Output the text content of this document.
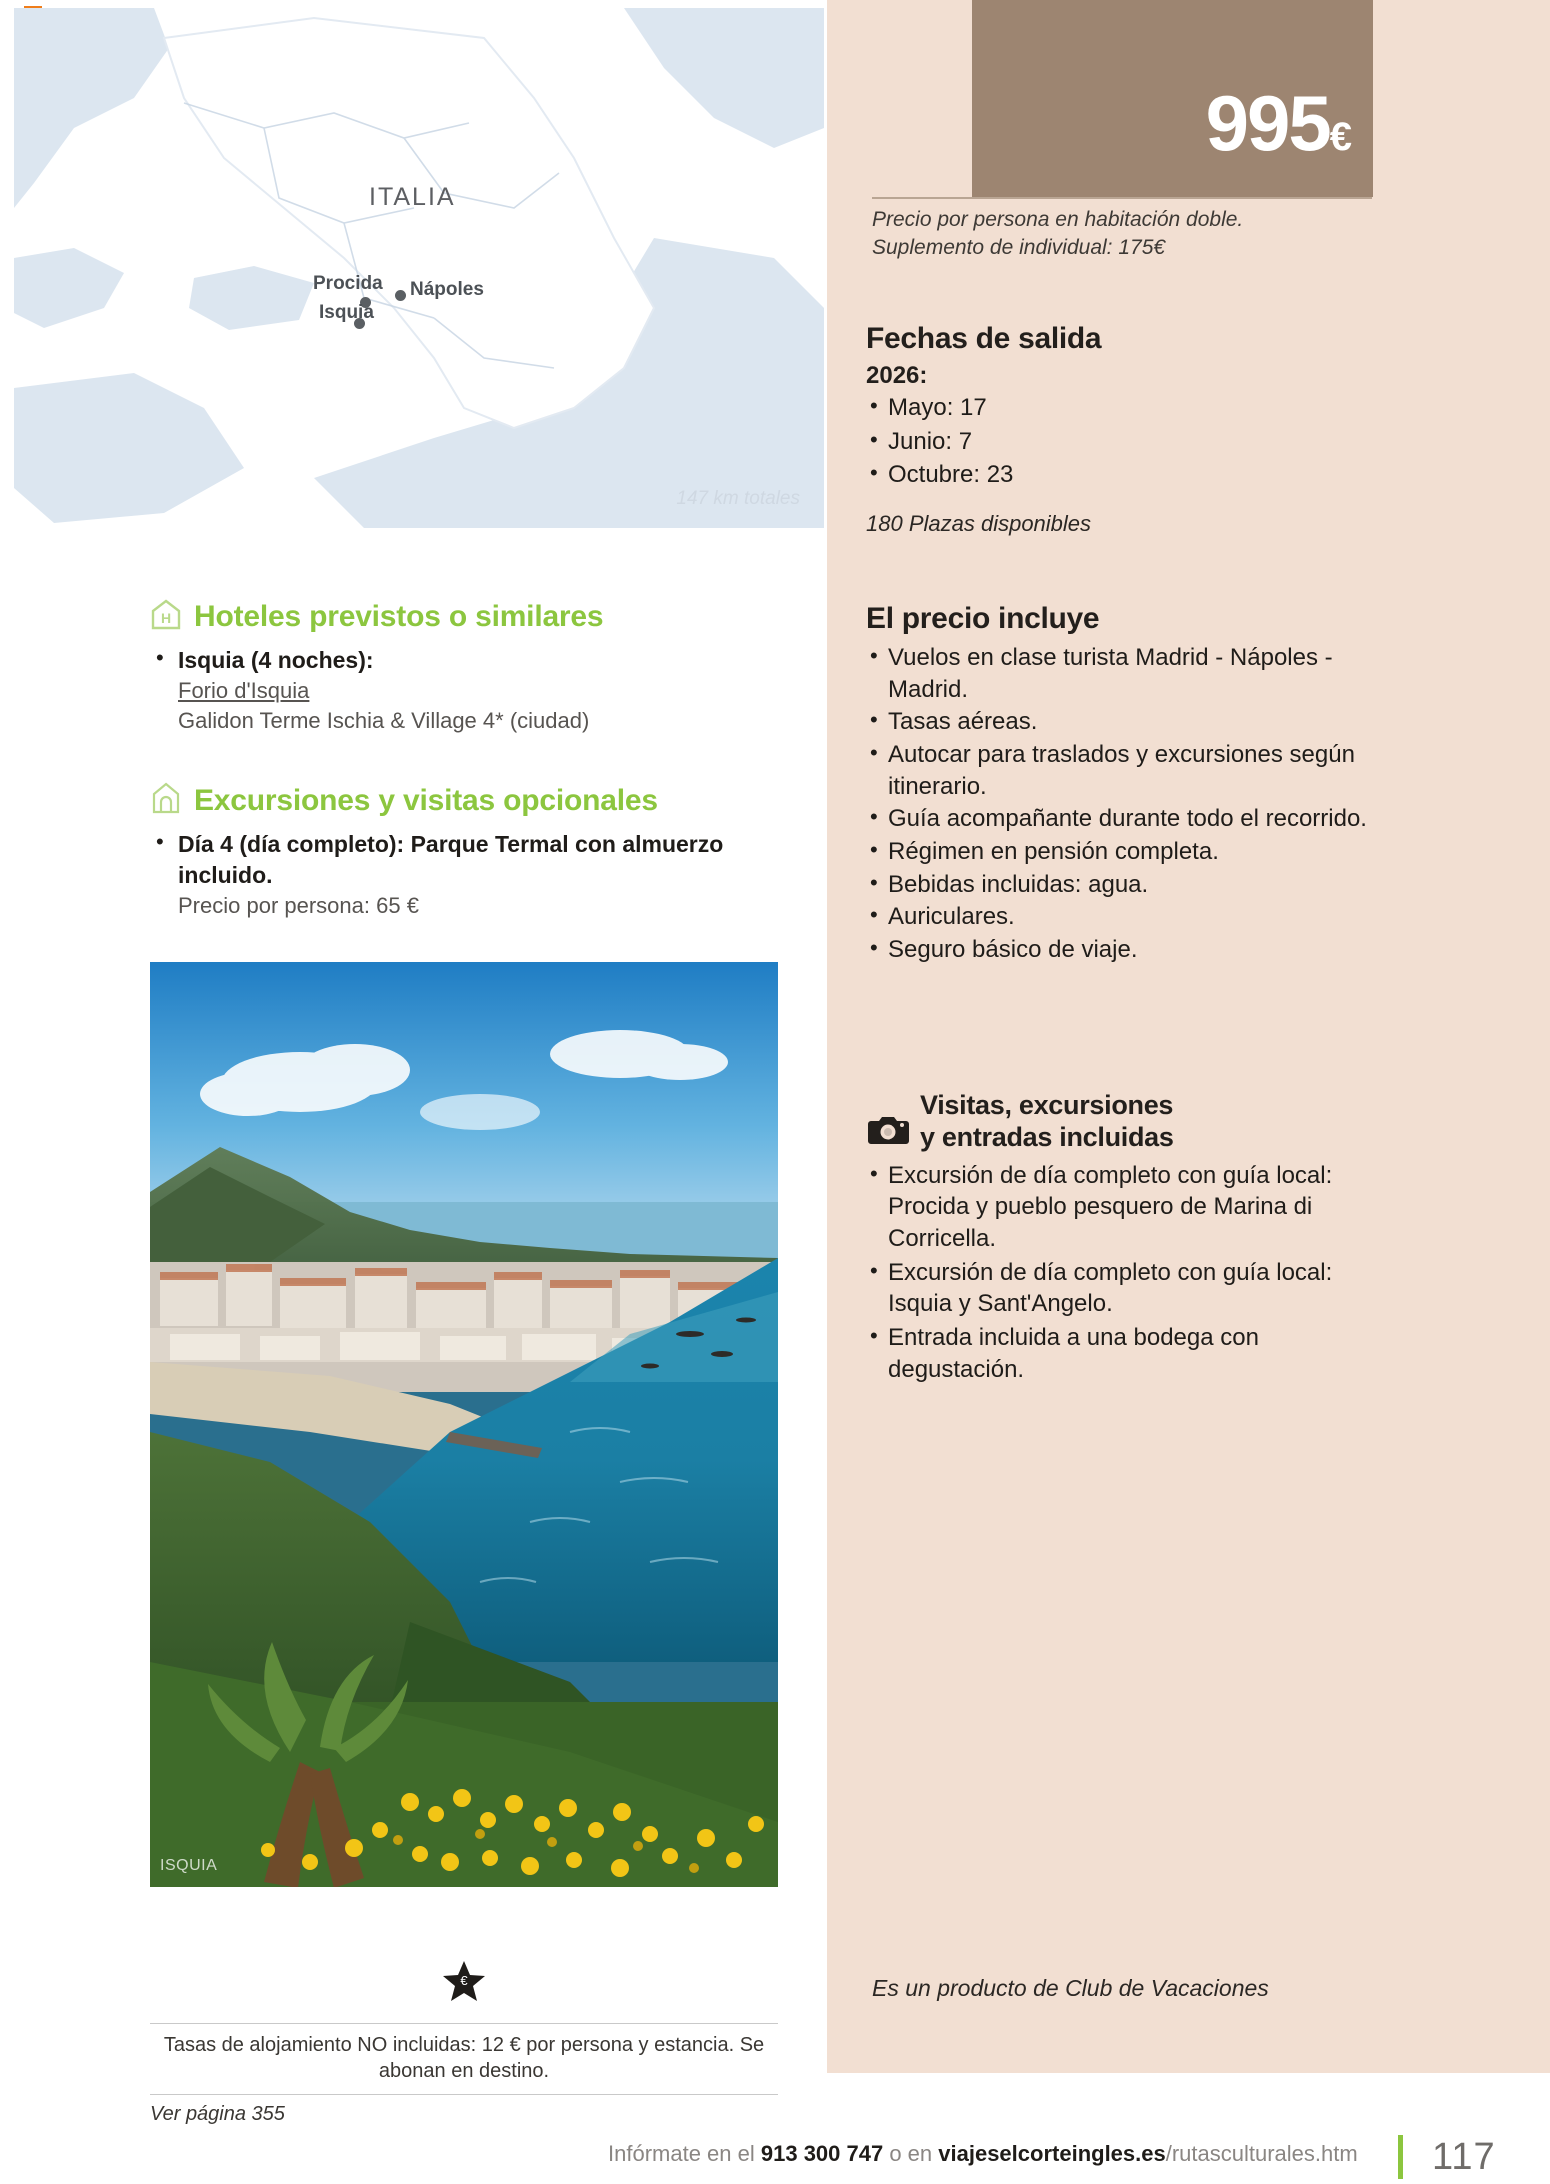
995€
Precio por persona en habitación doble.
Suplemento de individual: 175€
Fechas de salida
2026:
• Mayo: 17
• Junio: 7
• Octubre: 23
180 Plazas disponibles
El precio incluye
• Vuelos en clase turista Madrid - Nápoles - Madrid.
• Tasas aéreas.
• Autocar para traslados y excursiones según itinerario.
• Guía acompañante durante todo el recorrido.
• Régimen en pensión completa.
• Bebidas incluidas: agua.
• Auriculares.
• Seguro básico de viaje.
Visitas, excursiones
y entradas incluidas
• Excursión de día completo con guía local: Procida y pueblo pesquero de Marina di Corricella.
• Excursión de día completo con guía local: Isquia y Sant'Angelo.
• Entrada incluida a una bodega con degustación.
Es un producto de Club de Vacaciones
ITALIA
Nápoles
Procida
Isquia
147 km totales
H Hoteles previstos o similares
• Isquia (4 noches):
Forio d'Isquia
Galidon Terme Ischia & Village 4* (ciudad)
Excursiones y visitas opcionales
• Día 4 (día completo): Parque Termal con almuerzo incluido.
Precio por persona: 65 €
ISQUIA
€
Tasas de alojamiento NO incluidas: 12 € por persona y estancia. Se abonan en destino.
Ver página 355
Infórmate en el 913 300 747 o en viajeselcorteingles.es/rutasculturales.htm 117
